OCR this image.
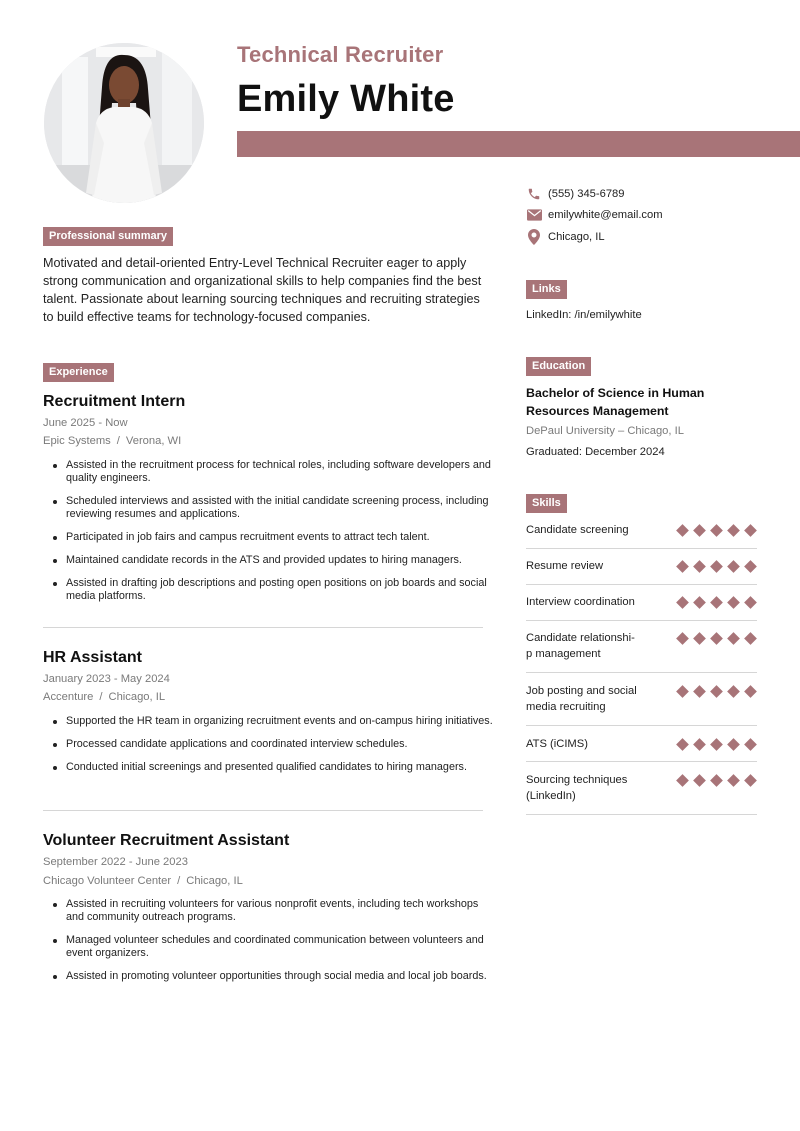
Technical Recruiter
Emily White
(555) 345-6789
emilywhite@email.com
Chicago, IL
Professional summary
Motivated and detail-oriented Entry-Level Technical Recruiter eager to apply strong communication and organizational skills to help companies find the best talent. Passionate about learning sourcing techniques and recruiting strategies to build effective teams for technology-focused companies.
Experience
Recruitment Intern
June 2025 - Now
Epic Systems / Verona, WI
Assisted in the recruitment process for technical roles, including software developers and quality engineers.
Scheduled interviews and assisted with the initial candidate screening process, including reviewing resumes and applications.
Participated in job fairs and campus recruitment events to attract tech talent.
Maintained candidate records in the ATS and provided updates to hiring managers.
Assisted in drafting job descriptions and posting open positions on job boards and social media platforms.
HR Assistant
January 2023 - May 2024
Accenture / Chicago, IL
Supported the HR team in organizing recruitment events and on-campus hiring initiatives.
Processed candidate applications and coordinated interview schedules.
Conducted initial screenings and presented qualified candidates to hiring managers.
Volunteer Recruitment Assistant
September 2022 - June 2023
Chicago Volunteer Center / Chicago, IL
Assisted in recruiting volunteers for various nonprofit events, including tech workshops and community outreach programs.
Managed volunteer schedules and coordinated communication between volunteers and event organizers.
Assisted in promoting volunteer opportunities through social media and local job boards.
Links
LinkedIn: /in/emilywhite
Education
Bachelor of Science in Human Resources Management
DePaul University – Chicago, IL
Graduated: December 2024
Skills
Candidate screening
Resume review
Interview coordination
Candidate relationshi-
p management
Job posting and social media recruiting
ATS (iCIMS)
Sourcing techniques (LinkedIn)
